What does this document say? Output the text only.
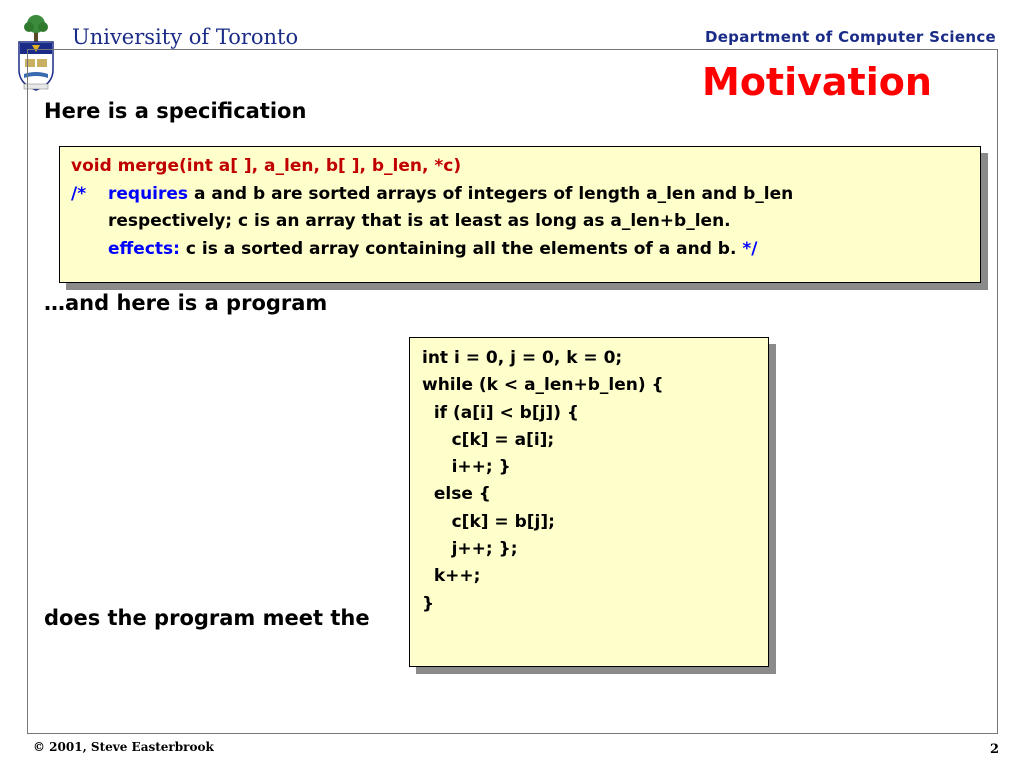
University of Toronto	Department of Computer Science
Motivation
Here is a specification
void merge(int a[ ], a_len, b[ ], b_len, *c)
/* requires a and b are sorted arrays of integers of length a_len and b_len
respectively; c is an array that is at least as long as a_len+b_len.
effects: c is a sorted array containing all the elements of a and b. */
…and here is a program
does the program meet the
int i = 0, j = 0, k = 0;
while (k < a_len+b_len) {
if (a[i] < b[j]) {
c[k] = a[i];
i++; }
else {
c[k] = b[j];
j++; };
k++;
}
© 2001, Steve Easterbrook	2
